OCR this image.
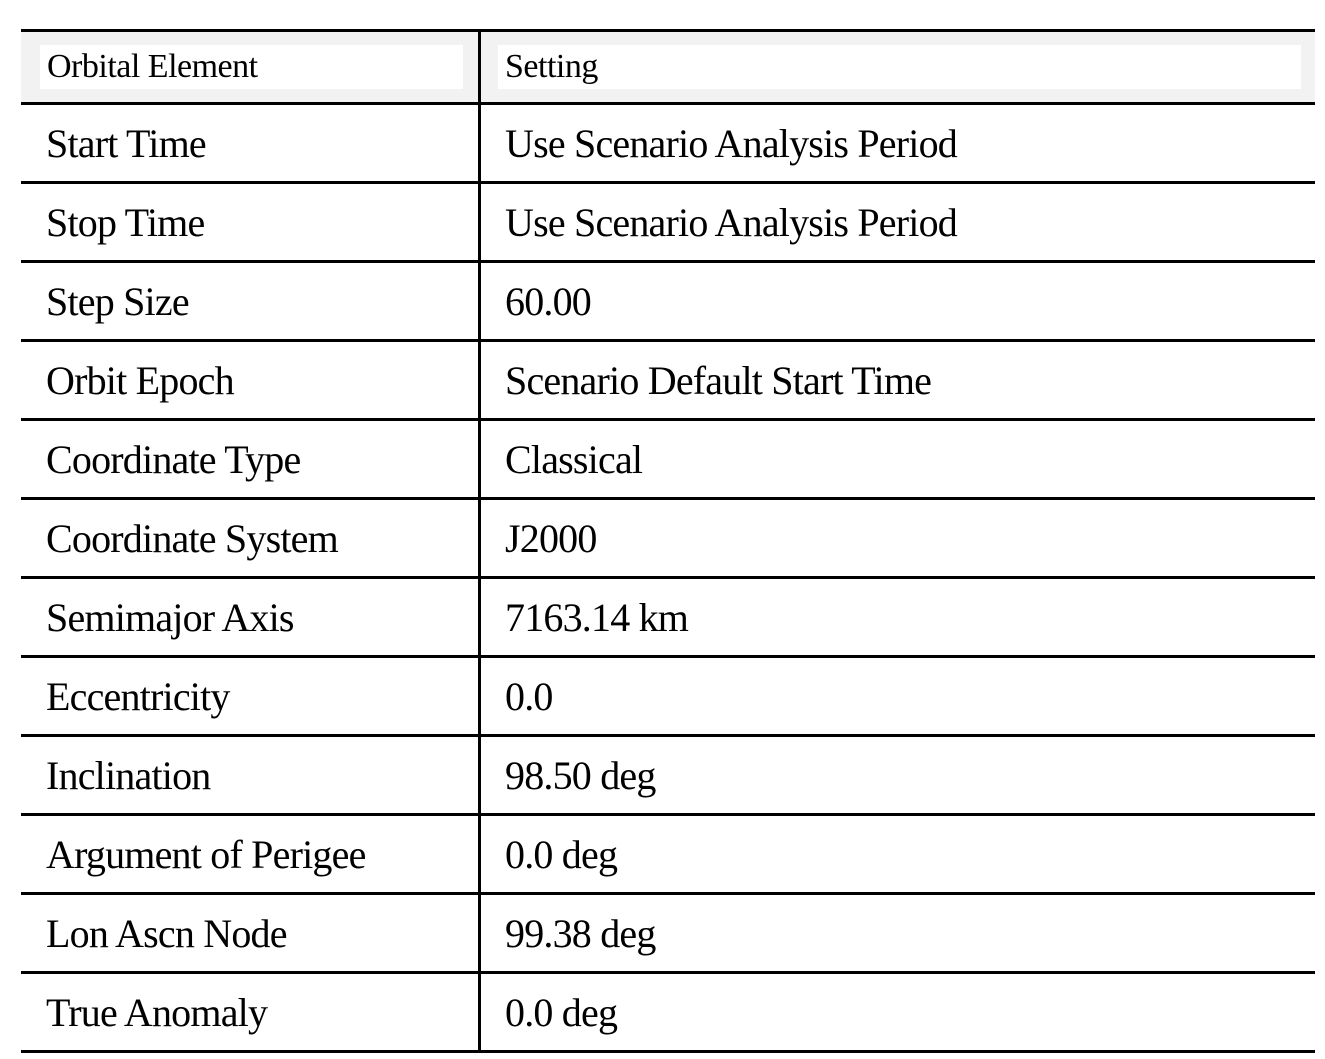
Orbital Element	Setting

Start Time	Use Scenario Analysis Period
Stop Time	Use Scenario Analysis Period
Step Size	60.00
Orbit Epoch	Scenario Default Start Time
Coordinate Type	Classical
Coordinate System	J2000
Semimajor Axis	7163.14 km
Eccentricity	0.0
Inclination	98.50 deg
Argument of Perigee	0.0 deg
Lon Ascn Node	99.38 deg
True Anomaly	0.0 deg
